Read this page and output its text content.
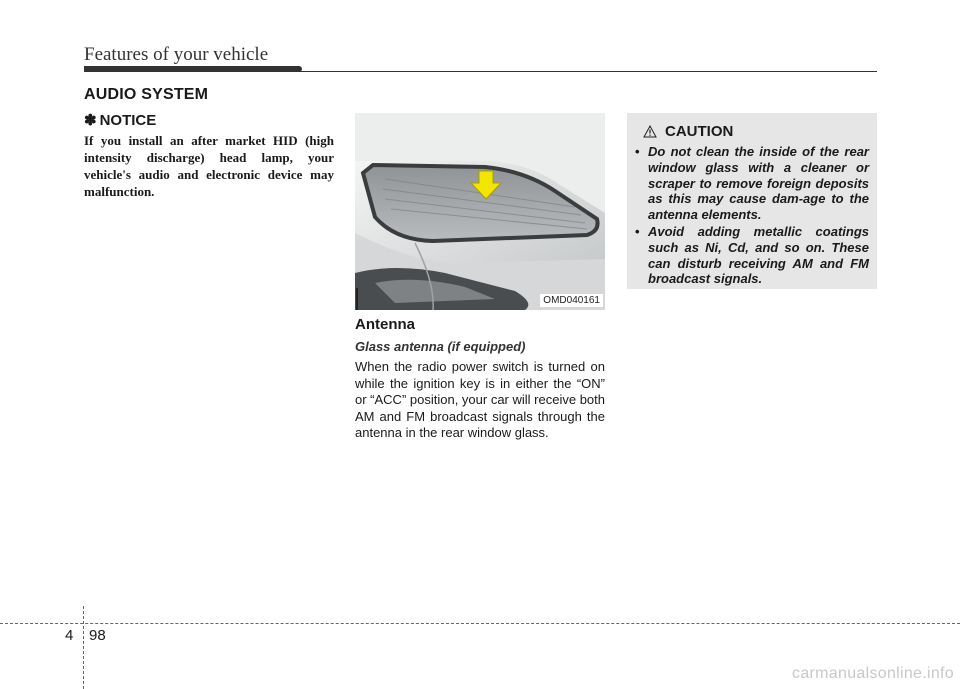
Features of your vehicle
AUDIO SYSTEM
✽ NOTICE
If you install an after market HID (high intensity discharge) head lamp, your vehicle's audio and electronic device may malfunction.
OMD040161
Antenna
Glass antenna (if equipped)
When the radio power switch is turned on while the ignition key is in either the “ON” or “ACC” position, your car will receive both AM and FM broadcast signals through the antenna in the rear window glass.
CAUTION
• Do not clean the inside of the rear window glass with a cleaner or scraper to remove foreign deposits as this may cause dam-age to the antenna elements.
• Avoid adding metallic coatings such as Ni, Cd, and so on. These can disturb receiving AM and FM broadcast signals.
4 98
carmanualsonline.info
